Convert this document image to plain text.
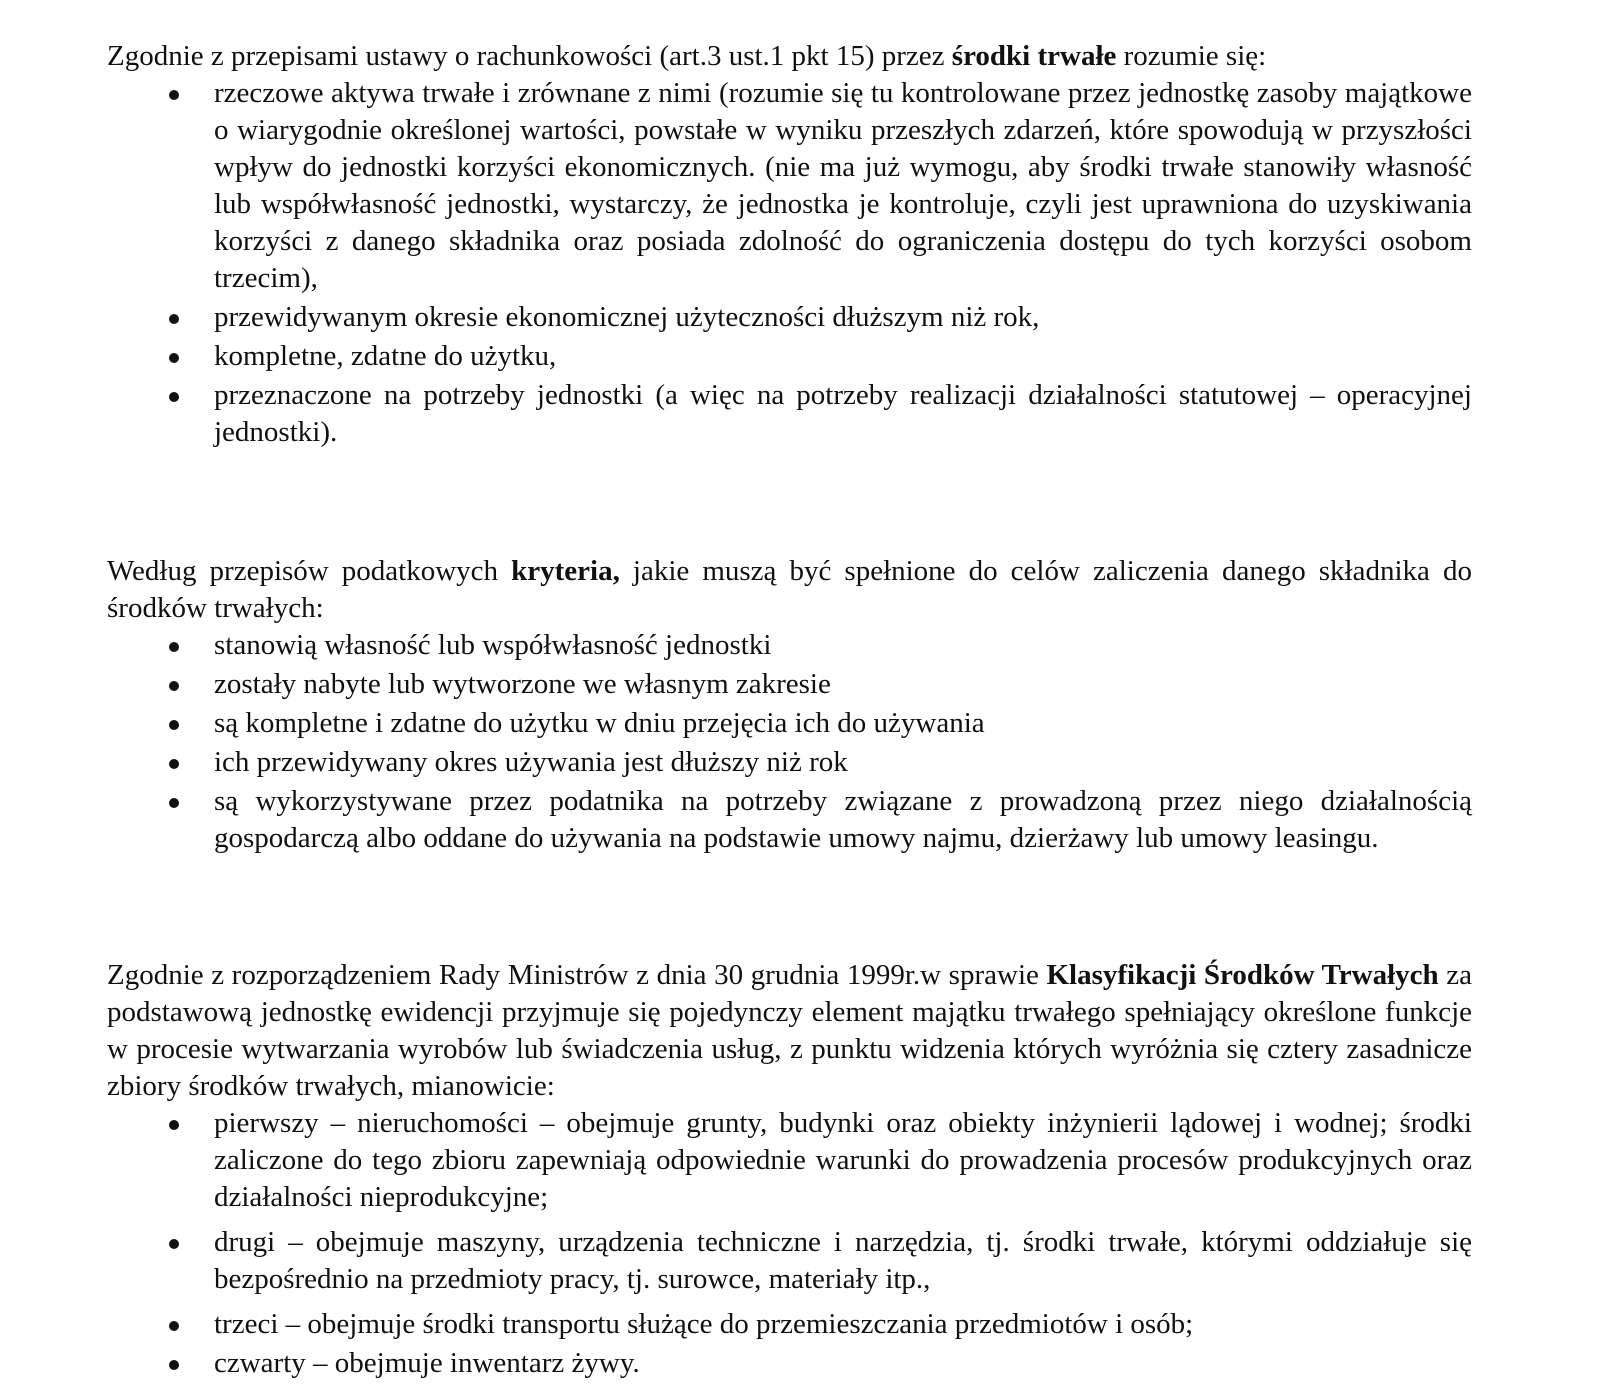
Zgodnie z przepisami ustawy o rachunkowości (art.3 ust.1 pkt 15) przez środki trwałe rozumie się:

rzeczowe aktywa trwałe i zrównane z nimi (rozumie się tu kontrolowane przez jednostkę zasoby majątkowe o wiarygodnie określonej wartości, powstałe w wyniku przeszłych zdarzeń, które spowodują w przyszłości wpływ do jednostki korzyści ekonomicznych. (nie ma już wymogu, aby środki trwałe stanowiły własność lub współwłasność jednostki, wystarczy, że jednostka je kontroluje, czyli jest uprawniona do uzyskiwania korzyści z danego składnika oraz posiada zdolność do ograniczenia dostępu do tych korzyści osobom trzecim),
przewidywanym okresie ekonomicznej użyteczności dłuższym niż rok,
kompletne, zdatne do użytku,
przeznaczone na potrzeby jednostki (a więc na potrzeby realizacji działalności statutowej – operacyjnej jednostki).

Według przepisów podatkowych kryteria, jakie muszą być spełnione do celów zaliczenia danego składnika do środków trwałych:

stanowią własność lub współwłasność jednostki
zostały nabyte lub wytworzone we własnym zakresie
są kompletne i zdatne do użytku w dniu przejęcia ich do używania
ich przewidywany okres używania jest dłuższy niż rok
są wykorzystywane przez podatnika na potrzeby związane z prowadzoną przez niego działalnością gospodarczą albo oddane do używania na podstawie umowy najmu, dzierżawy lub umowy leasingu.

Zgodnie z rozporządzeniem Rady Ministrów z dnia 30 grudnia 1999r.w sprawie Klasyfikacji Środków Trwałych za podstawową jednostkę ewidencji przyjmuje się pojedynczy element majątku trwałego spełniający określone funkcje w procesie wytwarzania wyrobów lub świadczenia usług, z punktu widzenia których wyróżnia się cztery zasadnicze zbiory środków trwałych, mianowicie:

pierwszy – nieruchomości – obejmuje grunty, budynki oraz obiekty inżynierii lądowej i wodnej; środki zaliczone do tego zbioru zapewniają odpowiednie warunki do prowadzenia procesów produkcyjnych oraz działalności nieprodukcyjne;
drugi – obejmuje maszyny, urządzenia techniczne i narzędzia, tj. środki trwałe, którymi oddziałuje się bezpośrednio na przedmioty pracy, tj. surowce, materiały itp.,
trzeci – obejmuje środki transportu służące do przemieszczania przedmiotów i osób;
czwarty – obejmuje inwentarz żywy.
